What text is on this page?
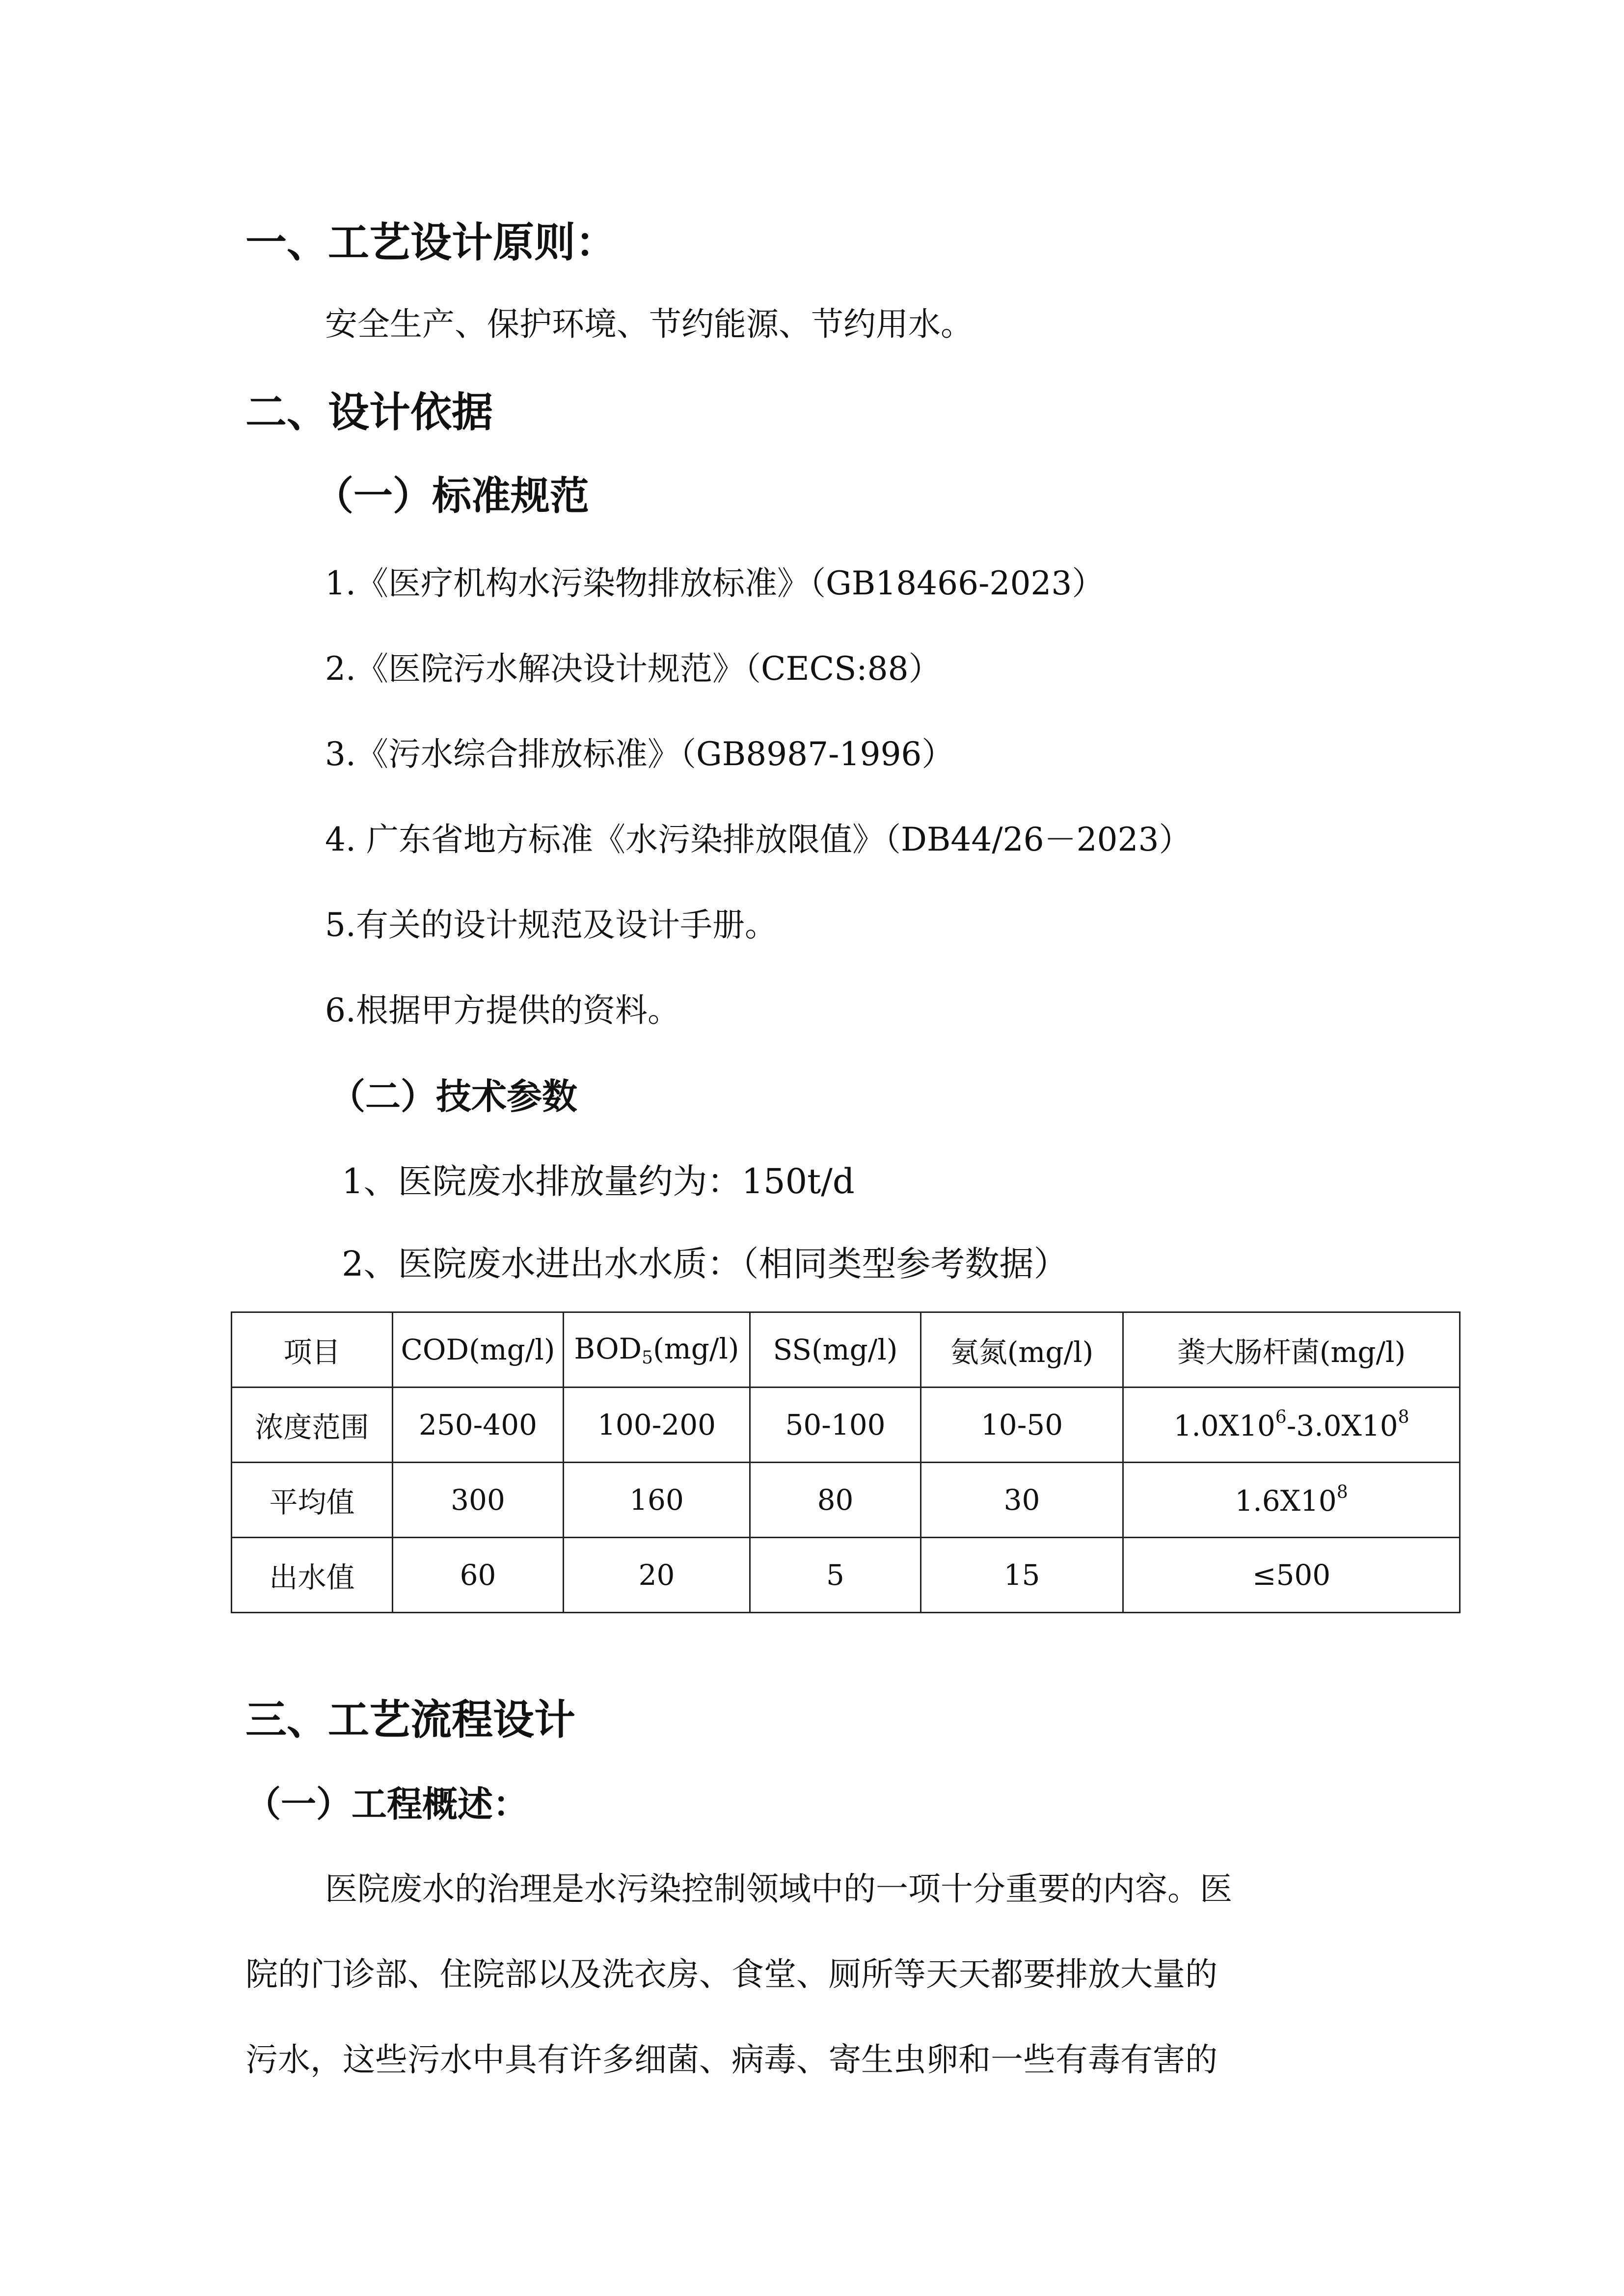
一、工艺设计原则：
安全生产、保护环境、节约能源、节约用水。
二、设计依据
（一）标准规范
1.《医疗机构水污染物排放标准》（GB18466-2023）
2.《医院污水解决设计规范》（CECS:88）
3.《污水综合排放标准》（GB8987-1996）
4. 广东省地方标准《水污染排放限值》（DB44/26－2023）
5.有关的设计规范及设计手册。
6.根据甲方提供的资料。
（二）技术参数
1、医院废水排放量约为：150t/d
2、医院废水进出水水质：（相同类型参考数据）
项目	COD(mg/l)	$BOD_5(mg/l)$	SS(mg/l)	氨氮(mg/l)	粪大肠杆菌(mg/l)
浓度范围	250-400	100-200	50-100	10-50	$1.0X10^6-3.0X10^8$
平均值	300	160	80	30	$1.6X10^8$
出水值	60	20	5	15	≤500
三、工艺流程设计
（一）工程概述：
医院废水的治理是水污染控制领域中的一项十分重要的内容。医
院的门诊部、住院部以及洗衣房、食堂、厕所等天天都要排放大量的
污水，这些污水中具有许多细菌、病毒、寄生虫卵和一些有毒有害的
